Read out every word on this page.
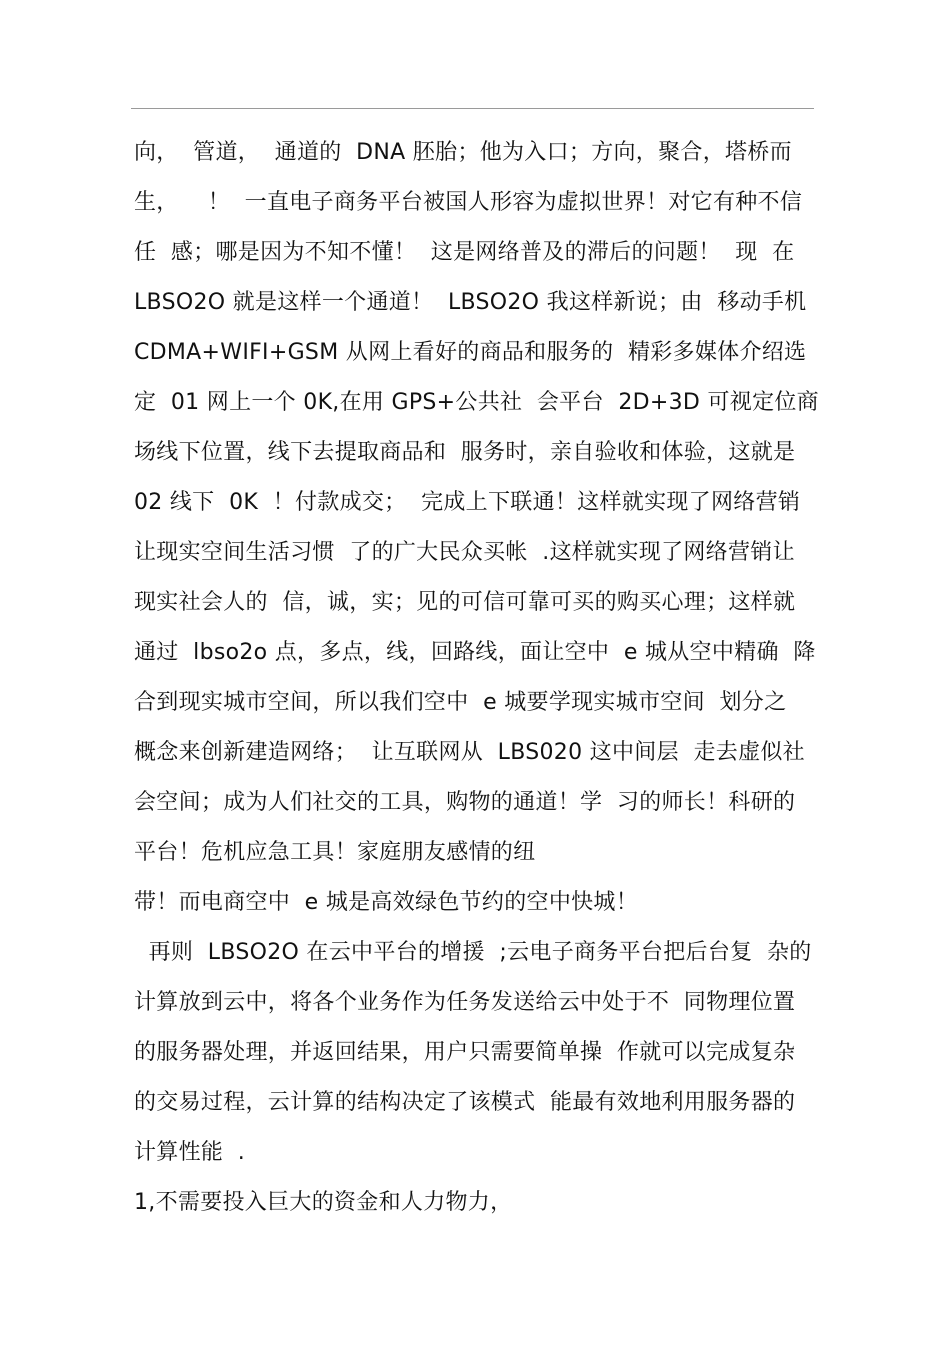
向，  管道，  通道的  DNA 胚胎；他为入口；方向，聚合，塔桥而
生，    ！  一直电子商务平台被国人形容为虚拟世界！对它有种不信
任  感；哪是因为不知不懂！  这是网络普及的滞后的问题！  现  在
LBSO2O 就是这样一个通道！  LBSO2O 我这样新说；由  移动手机
CDMA+WIFI+GSM 从网上看好的商品和服务的  精彩多媒体介绍选
定  01 网上一个 0K,在用 GPS+公共社  会平台  2D+3D 可视定位商
场线下位置，线下去提取商品和  服务时，亲自验收和体验，这就是
02 线下  0K  ！付款成交；  完成上下联通！这样就实现了网络营销
让现实空间生活习惯  了的广大民众买帐  .这样就实现了网络营销让
现实社会人的  信，诚，实；见的可信可靠可买的购买心理；这样就
通过  lbso2o 点，多点，线，回路线，面让空中  e 城从空中精确  降
合到现实城市空间，所以我们空中  e 城要学现实城市空间  划分之
概念来创新建造网络；  让互联网从  LBS020 这中间层  走去虚似社
会空间；成为人们社交的工具，购物的通道！学  习的师长！科研的
平台！危机应急工具！家庭朋友感情的纽
带！而电商空中  e 城是高效绿色节约的空中快城！
再则  LBSO2O 在云中平台的增援  ;云电子商务平台把后台复  杂的
计算放到云中，将各个业务作为任务发送给云中处于不  同物理位置
的服务器处理，并返回结果，用户只需要简单操  作就可以完成复杂
的交易过程，云计算的结构决定了该模式  能最有效地利用服务器的
计算性能  .
1,不需要投入巨大的资金和人力物力，
